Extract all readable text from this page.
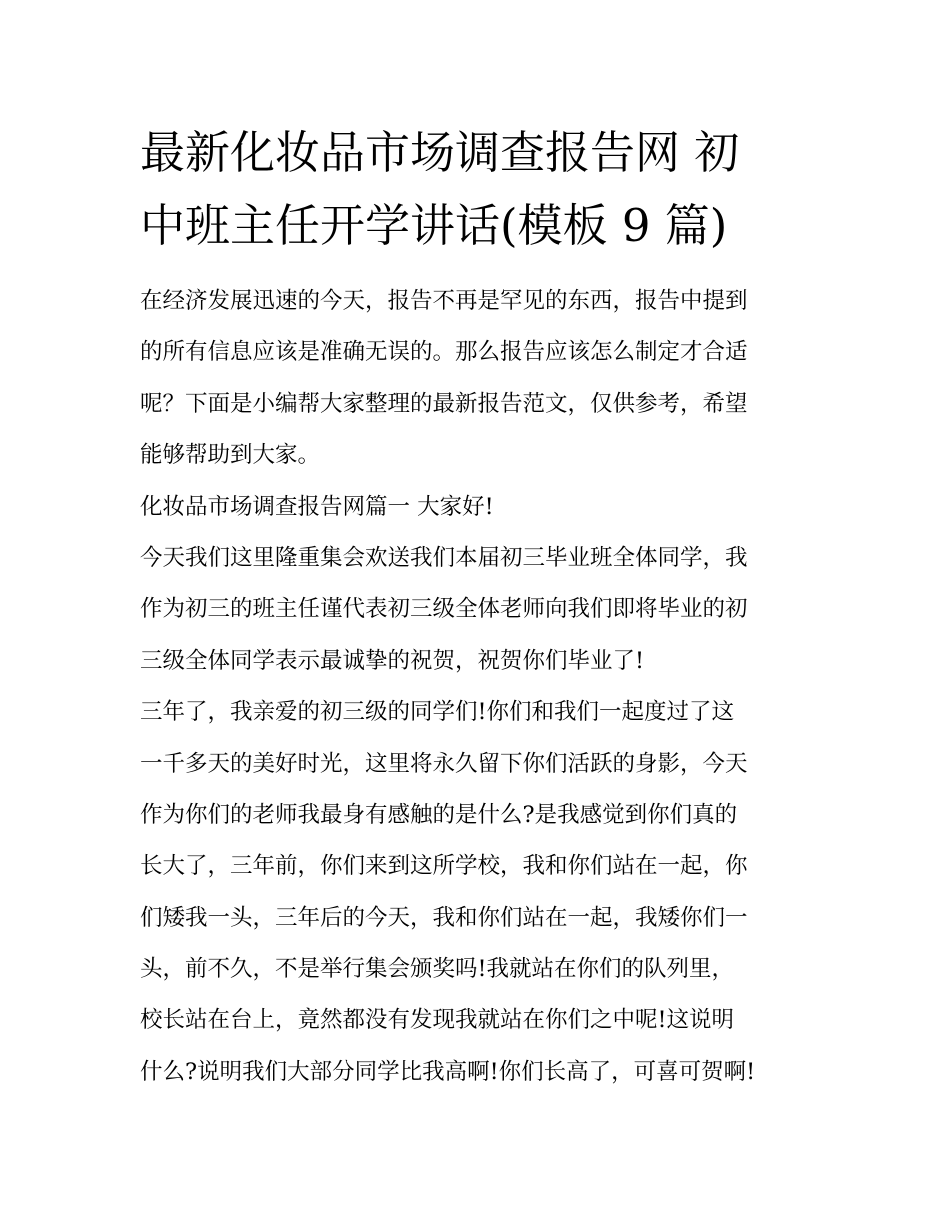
最新化妆品市场调查报告网 初
中班主任开学讲话(模板 9 篇)
在经济发展迅速的今天，报告不再是罕见的东西，报告中提到
的所有信息应该是准确无误的。那么报告应该怎么制定才合适
呢？下面是小编帮大家整理的最新报告范文，仅供参考，希望
能够帮助到大家。
化妆品市场调查报告网篇一 大家好!
今天我们这里隆重集会欢送我们本届初三毕业班全体同学，我
作为初三的班主任谨代表初三级全体老师向我们即将毕业的初
三级全体同学表示最诚挚的祝贺，祝贺你们毕业了!
三年了，我亲爱的初三级的同学们!你们和我们一起度过了这
一千多天的美好时光，这里将永久留下你们活跃的身影，今天
作为你们的老师我最身有感触的是什么?是我感觉到你们真的
长大了，三年前，你们来到这所学校，我和你们站在一起，你
们矮我一头，三年后的今天，我和你们站在一起，我矮你们一
头，前不久，不是举行集会颁奖吗!我就站在你们的队列里，
校长站在台上，竟然都没有发现我就站在你们之中呢!这说明
什么?说明我们大部分同学比我高啊!你们长高了，可喜可贺啊!
